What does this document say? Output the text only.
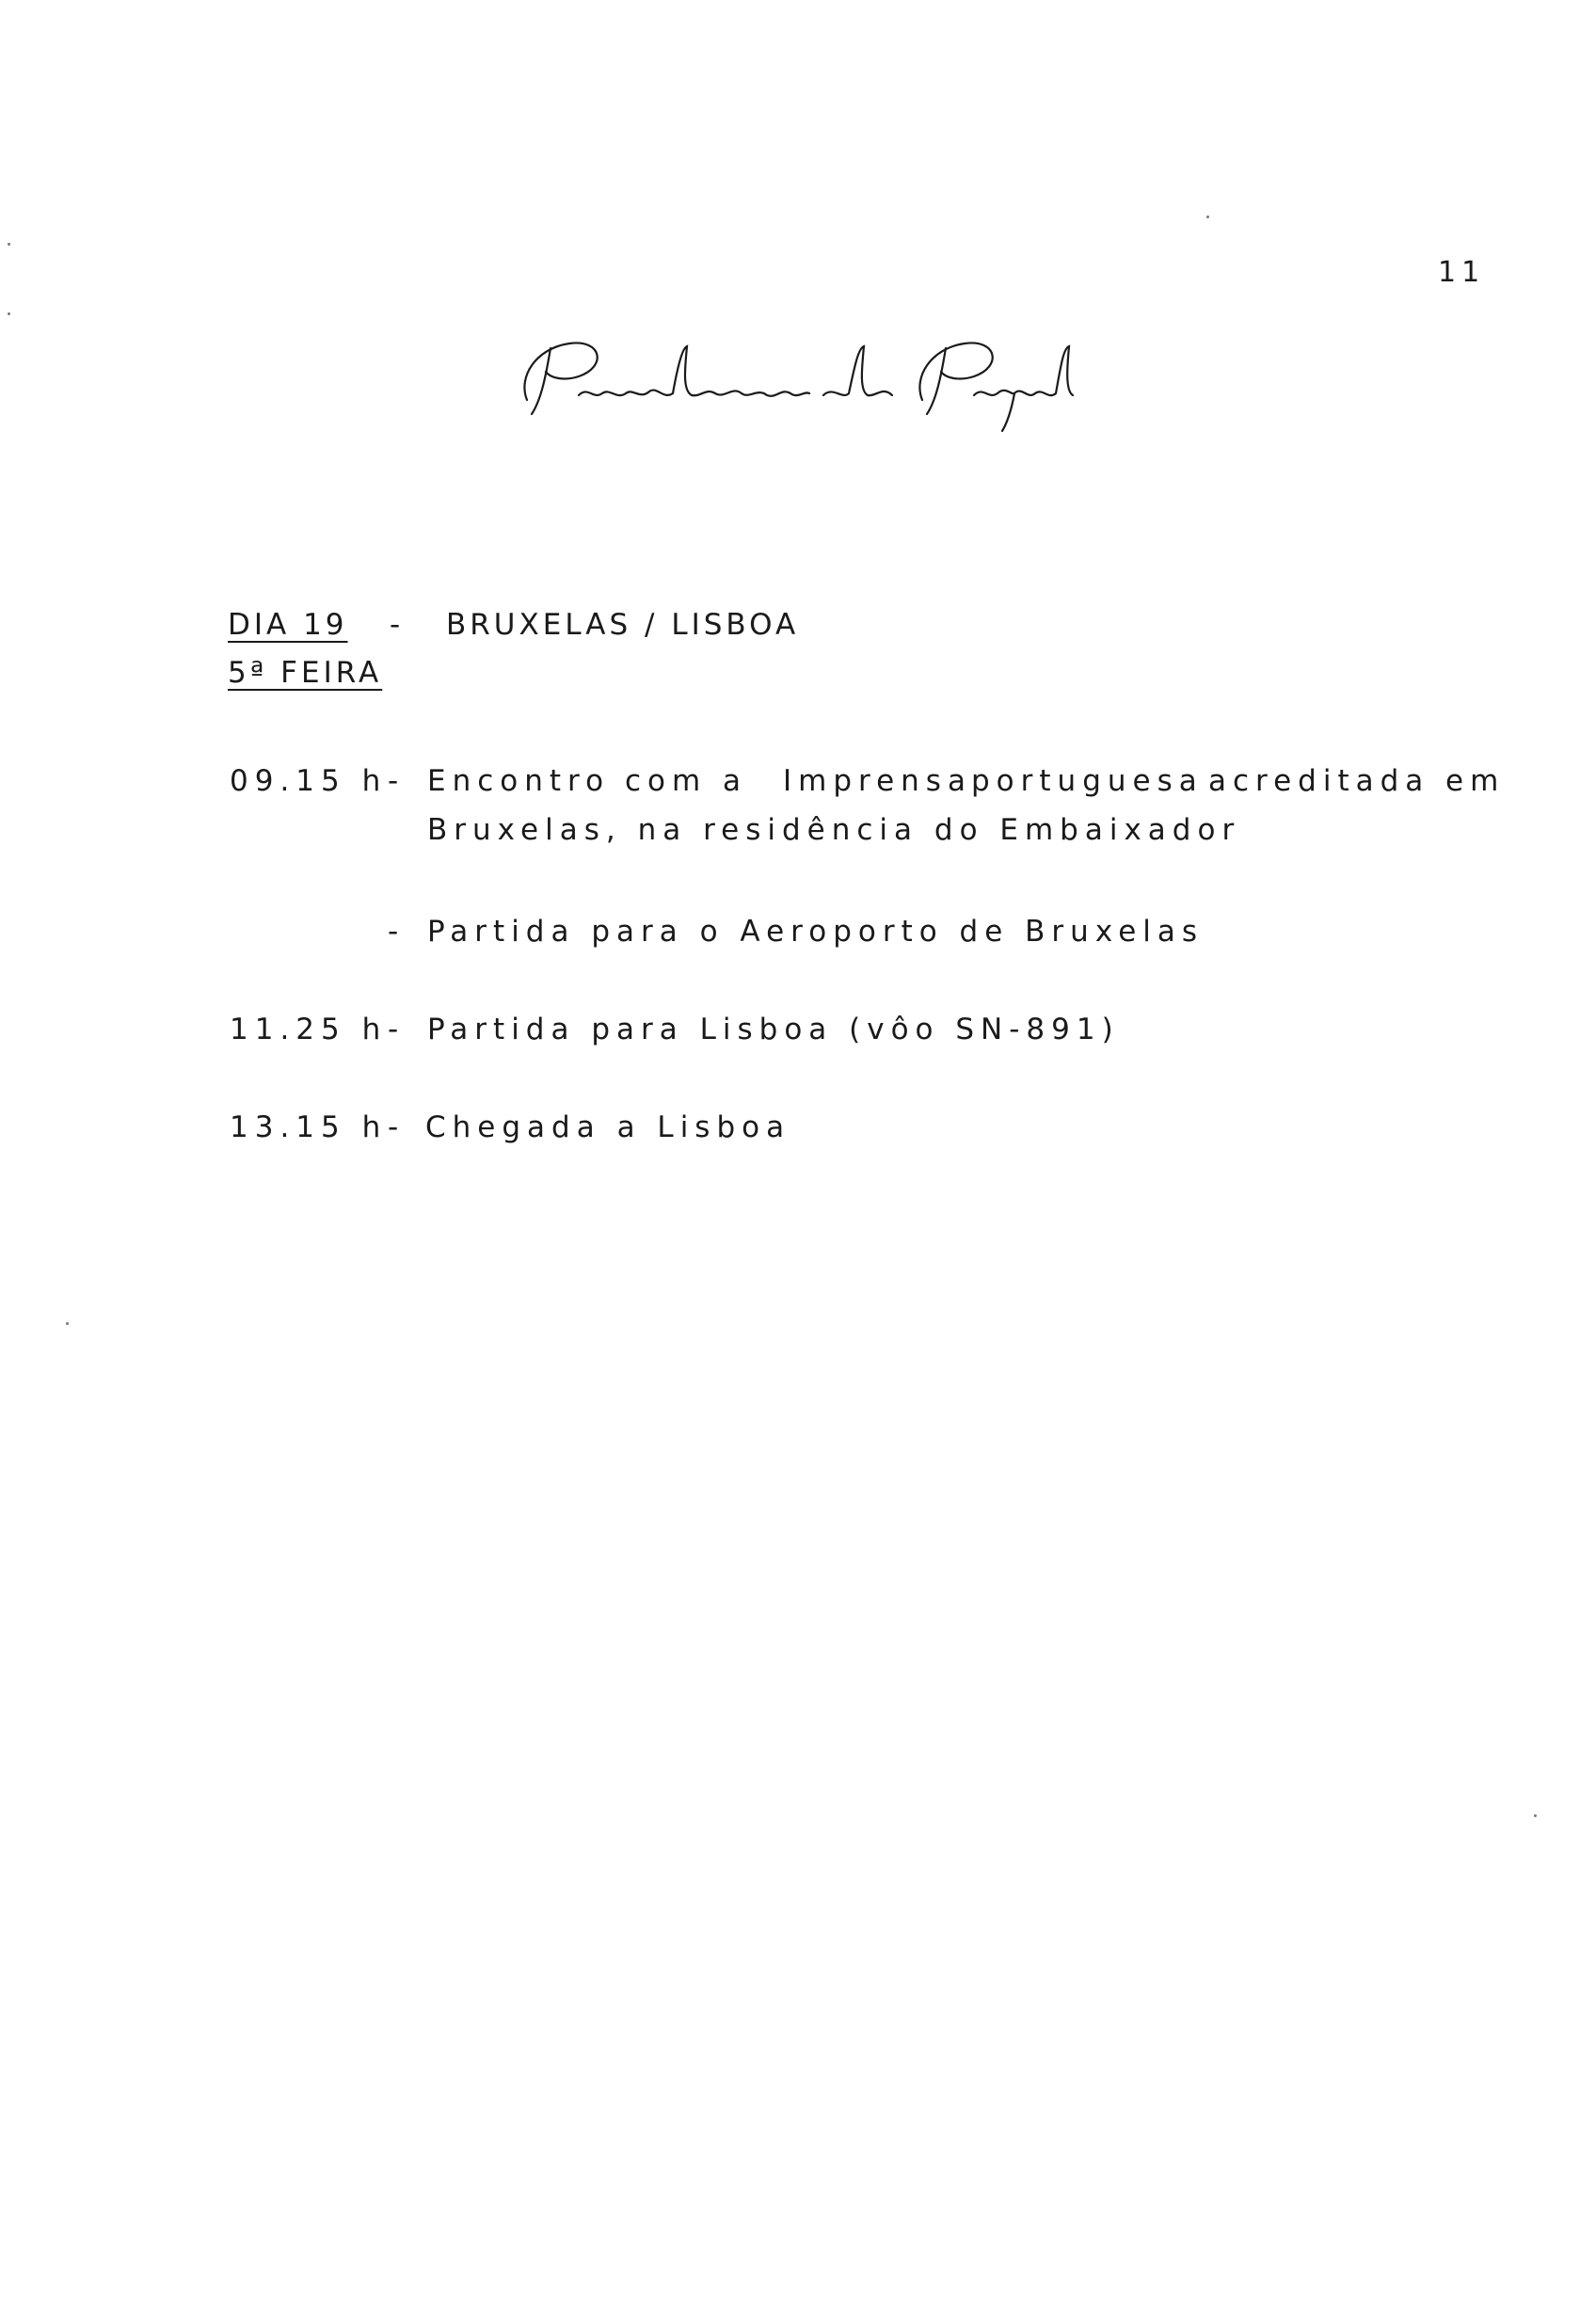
11
DIA 19 - BRUXELAS / LISBOA
5ª FEIRA
09.15 h - Encontro com a Imprensa portuguesa acreditada em
Bruxelas, na residência do Embaixador
- Partida para o Aeroporto de Bruxelas
11.25 h - Partida para Lisboa (vôo SN-891)
13.15 h - Chegada a Lisboa
